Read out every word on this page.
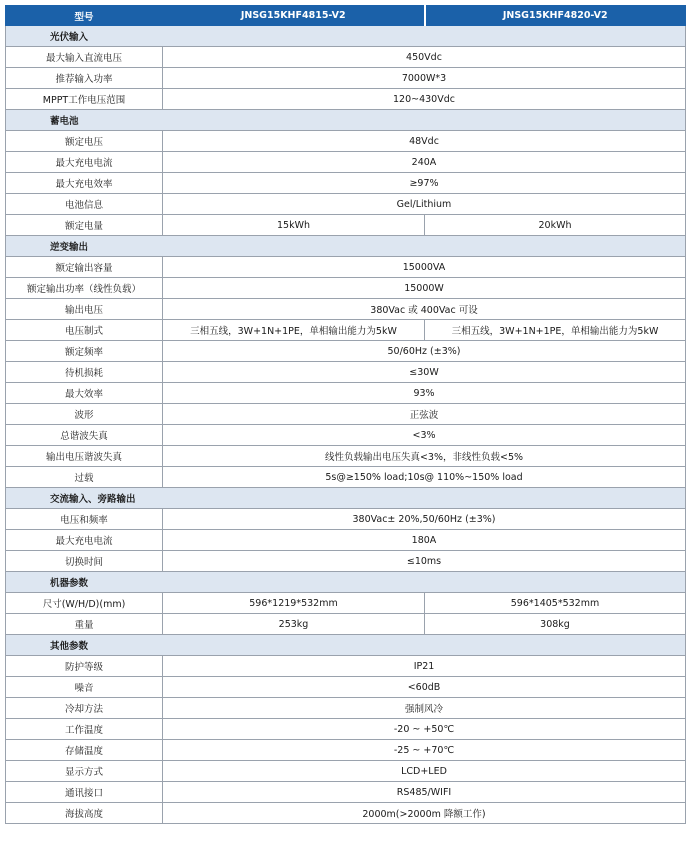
型号	JNSG15KHF4815-V2	JNSG15KHF4820-V2
光伏输入		
最大输入直流电压	450Vdc	
推荐输入功率	7000W*3	
MPPT工作电压范围	120~430Vdc	
蓄电池		
额定电压	48Vdc	
最大充电电流	240A	
最大充电效率	≥97%	
电池信息	Gel/Lithium	
额定电量	15kWh	20kWh
逆变输出		
额定输出容量	15000VA	
额定输出功率（线性负载）	15000W	
输出电压	380Vac 或 400Vac 可设	
电压制式	三相五线，3W+1N+1PE，单相输出能力为5kW	三相五线，3W+1N+1PE，单相输出能力为5kW
额定频率	50/60Hz (±3%)	
待机损耗	≤30W	
最大效率	93%	
波形	正弦波	
总谐波失真	<3%	
输出电压谐波失真	线性负载输出电压失真<3%，非线性负载<5%	
过载	5s@≥150% load;10s@ 110%~150% load	
交流输入、旁路输出		
电压和频率	380Vac± 20%,50/60Hz (±3%)	
最大充电电流	180A	
切换时间	≤10ms	
机器参数		
尺寸(W/H/D)(mm)	596*1219*532mm	596*1405*532mm
重量	253kg	308kg
其他参数		
防护等级	IP21	
噪音	<60dB	
冷却方法	强制风冷	
工作温度	-20 ~ +50℃	
存储温度	-25 ~ +70℃	
显示方式	LCD+LED	
通讯接口	RS485/WIFI	
海拔高度	2000m(>2000m 降额工作)	
